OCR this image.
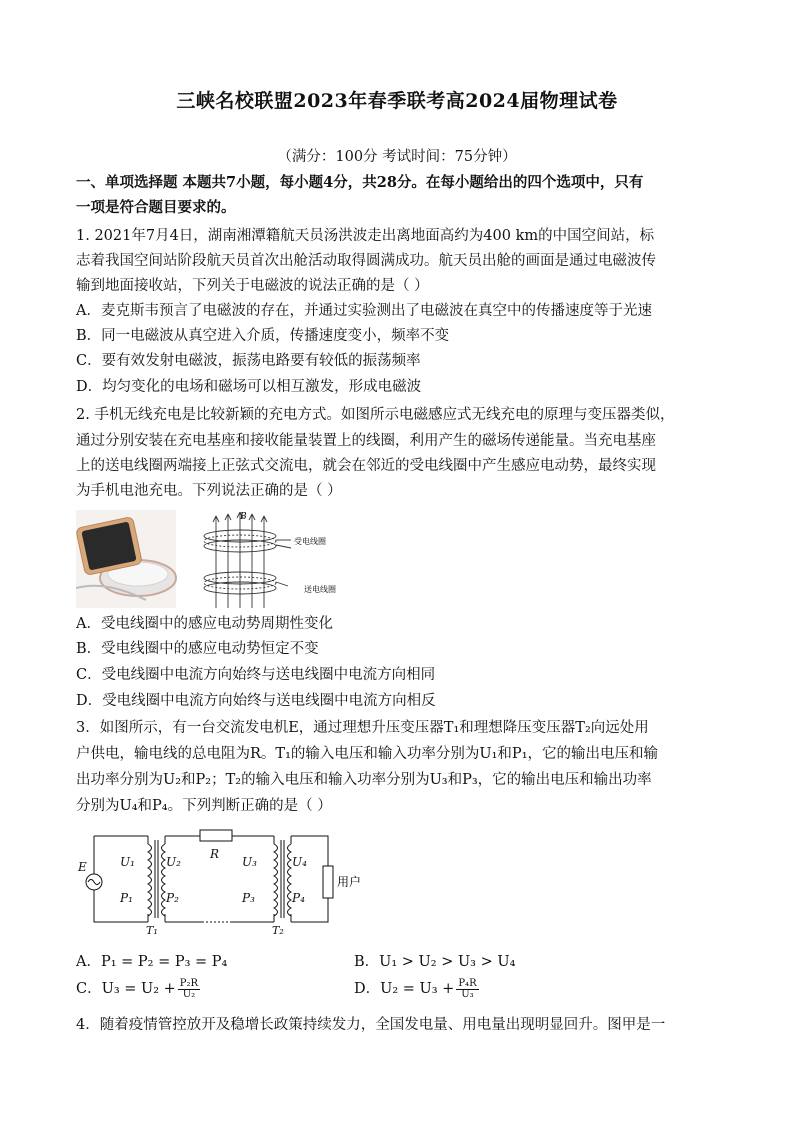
三峡名校联盟2023年春季联考高2024届物理试卷
（满分：100分 考试时间：75分钟）
一、单项选择题 本题共7小题，每小题4分，共28分。在每小题给出的四个选项中，只有
一项是符合题目要求的。
1. 2021年7月4日，湖南湘潭籍航天员汤洪波走出离地面高约为400 km的中国空间站，标
志着我国空间站阶段航天员首次出舱活动取得圆满成功。航天员出舱的画面是通过电磁波传
输到地面接收站，下列关于电磁波的说法正确的是（ ）
A．麦克斯韦预言了电磁波的存在，并通过实验测出了电磁波在真空中的传播速度等于光速
B．同一电磁波从真空进入介质，传播速度变小，频率不变
C．要有效发射电磁波，振荡电路要有较低的振荡频率
D．均匀变化的电场和磁场可以相互激发，形成电磁波
2. 手机无线充电是比较新颖的充电方式。如图所示电磁感应式无线充电的原理与变压器类似，
通过分别安装在充电基座和接收能量装置上的线圈，利用产生的磁场传递能量。当充电基座
上的送电线圈两端接上正弦式交流电，就会在邻近的受电线圈中产生感应电动势，最终实现
为手机电池充电。下列说法正确的是（ ）
B
受电线圈
送电线圈
A．受电线圈中的感应电动势周期性变化
B．受电线圈中的感应电动势恒定不变
C．受电线圈中电流方向始终与送电线圈中电流方向相同
D．受电线圈中电流方向始终与送电线圈中电流方向相反
3．如图所示，有一台交流发电机E，通过理想升压变压器T₁和理想降压变压器T₂向远处用
户供电，输电线的总电阻为R。T₁的输入电压和输入功率分别为U₁和P₁，它的输出电压和输
出功率分别为U₂和P₂；T₂的输入电压和输入功率分别为U₃和P₃，它的输出电压和输出功率
分别为U₄和P₄。下列判断正确的是（ ）
E
R
U₁	U₂	U₃	U₄
P₁	P₂	P₃	P₄
T₁	T₂
用户
A．P₁ = P₂ = P₃ = P₄	B．U₁ > U₂ > U₃ > U₄
C．$U_3 = U_2 + \frac{\text{P₂R}}{\text{U₂}}$	D．$U_2 = U_3 + \frac{\text{P₄R}}{\text{U₃}}$
4．随着疫情管控放开及稳增长政策持续发力，全国发电量、用电量出现明显回升。图甲是一
